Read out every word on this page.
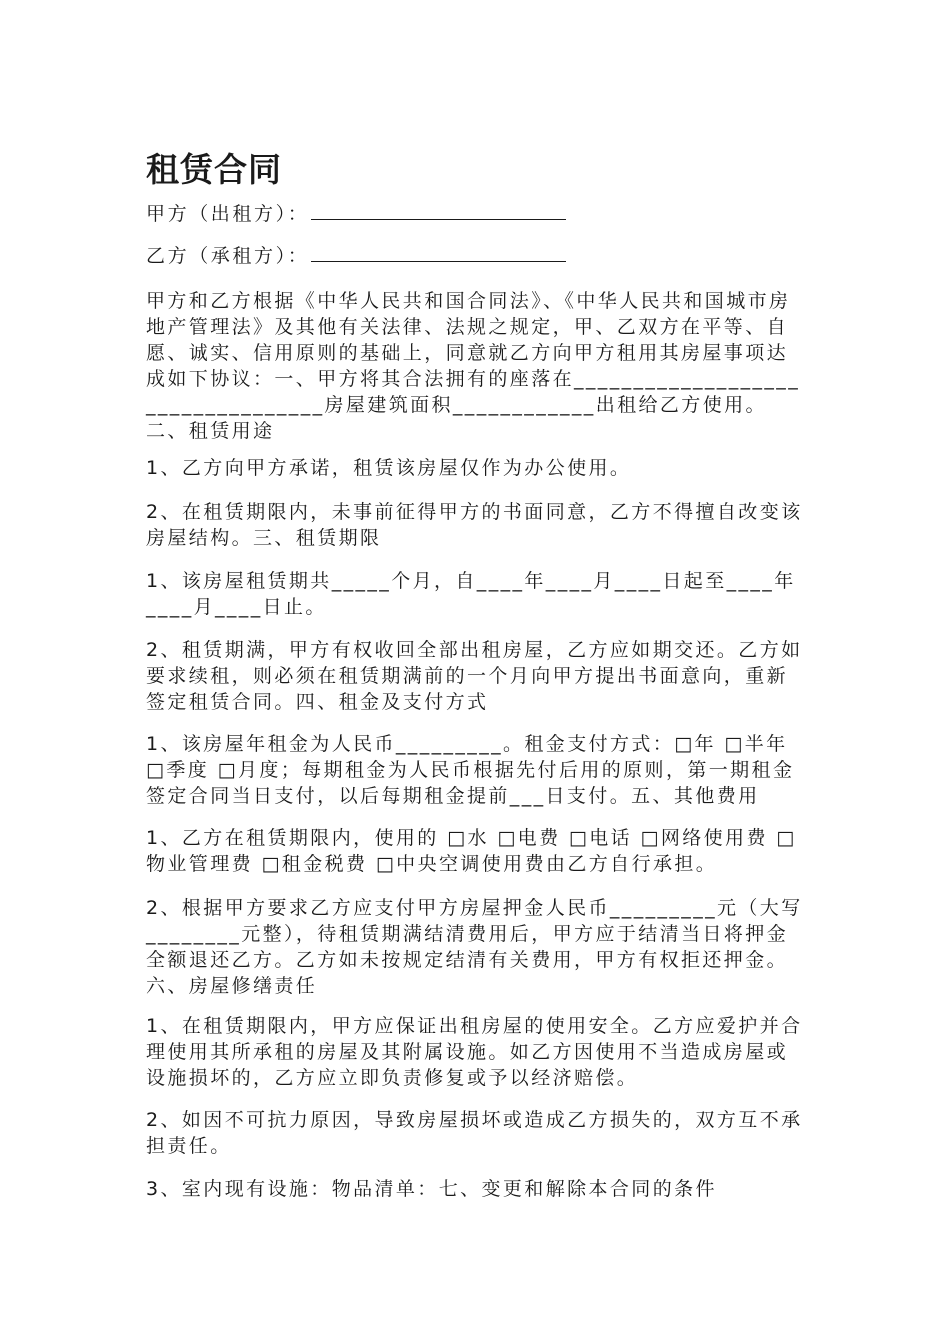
租赁合同
甲方（出租方）：
乙方（承租方）：

甲方和乙方根据《中华人民共和国合同法》、《中华人民共和国城市房地产管理法》及其他有关法律、法规之规定，甲、乙双方在平等、自愿、诚实、信用原则的基础上，同意就乙方向甲方租用其房屋事项达成如下协议：一、甲方将其合法拥有的座落在__________________________________房屋建筑面积____________出租给乙方使用。二、租赁用途

1、乙方向甲方承诺，租赁该房屋仅作为办公使用。

2、在租赁期限内，未事前征得甲方的书面同意，乙方不得擅自改变该房屋结构。三、租赁期限

1、该房屋租赁期共_____个月，自____年____月____日起至____年____月____日止。

2、租赁期满，甲方有权收回全部出租房屋，乙方应如期交还。乙方如要求续租，则必须在租赁期满前的一个月向甲方提出书面意向，重新签定租赁合同。四、租金及支付方式

1、该房屋年租金为人民币_________。租金支付方式：□年 □半年 □季度 □月度；每期租金为人民币根据先付后用的原则，第一期租金签定合同当日支付，以后每期租金提前___日支付。五、其他费用

1、乙方在租赁期限内，使用的 □水 □电费 □电话 □网络使用费 □物业管理费 □租金税费 □中央空调使用费由乙方自行承担。

2、根据甲方要求乙方应支付甲方房屋押金人民币_________元（大写________元整），待租赁期满结清费用后，甲方应于结清当日将押金全额退还乙方。乙方如未按规定结清有关费用，甲方有权拒还押金。六、房屋修缮责任

1、在租赁期限内，甲方应保证出租房屋的使用安全。乙方应爱护并合理使用其所承租的房屋及其附属设施。如乙方因使用不当造成房屋或设施损坏的，乙方应立即负责修复或予以经济赔偿。

2、如因不可抗力原因，导致房屋损坏或造成乙方损失的，双方互不承担责任。

3、室内现有设施：物品清单：七、变更和解除本合同的条件
